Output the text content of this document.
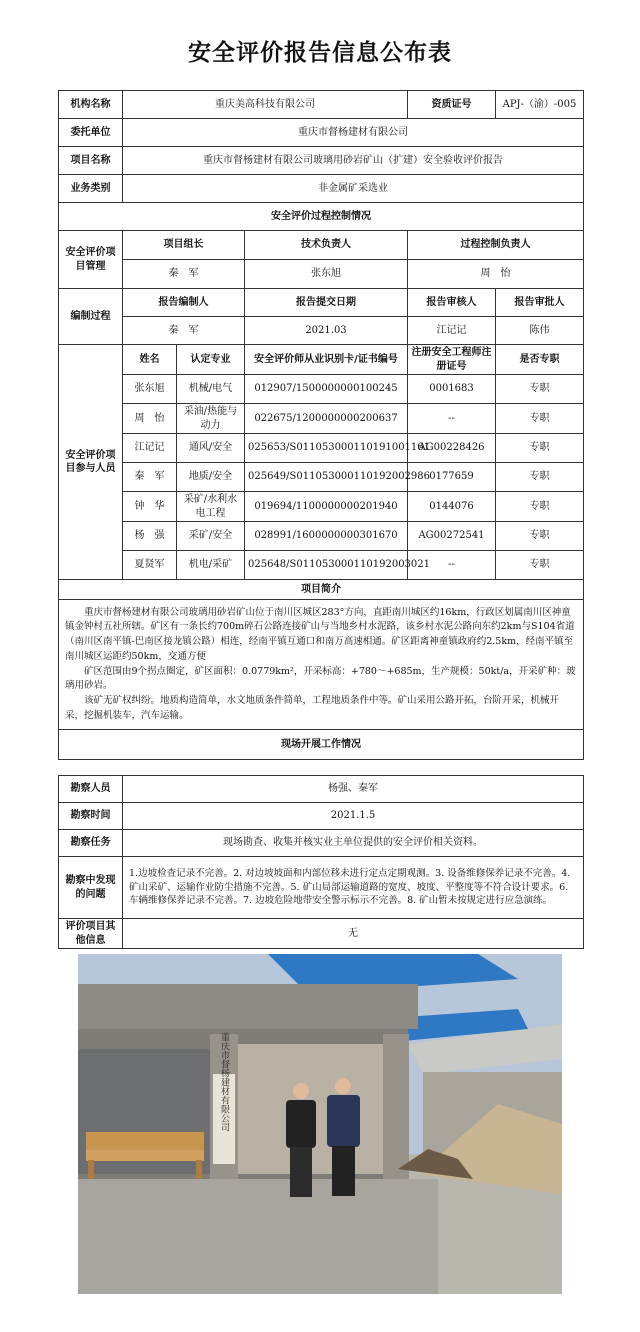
安全评价报告信息公布表
机构名称	重庆美高科技有限公司			资质证号	APJ-（渝）-005
委托单位	重庆市督杨建材有限公司				
项目名称	重庆市督杨建材有限公司玻璃用砂岩矿山（扩建）安全验收评价报告				
业务类别	非金属矿采选业				
安全评价过程控制情况					
安全评价项目管理	项目组长		技术负责人	过程控制负责人	
	秦　军		张东旭	周　怡	
编制过程	报告编制人		报告提交日期	报告审核人	报告审批人
	秦　军		2021.03	江记记	陈伟
安全评价项目参与人员	姓名	认定专业	安全评价师从业识别卡/证书编号	注册安全工程师注册证号	是否专职
	张东旭	机械/电气	012907/1500000000100245	0001683	专职
	周　怡	采油/热能与动力	022675/1200000000200637	--	专职
	江记记	通风/安全	025653/S011053000110191001161	AG00228426	专职
	秦　军	地质/安全	025649/S011053000110192002986	0177659	专职
	钟　华	采矿/水利水电工程	019694/1100000000201940	0144076	专职
	杨　强	采矿/安全	028991/1600000000301670	AG00272541	专职
	夏贤军	机电/采矿	025648/S011053000110192003021	--	专职
项目简介					

重庆市督杨建材有限公司玻璃用砂岩矿山位于南川区城区283°方向，直距南川城区约16km，行政区划属南川区神童镇金钟村五社所辖。矿区有一条长约700m碎石公路连接矿山与当地乡村水泥路，该乡村水泥公路向东约2km与S104省道（南川区南平镇-巴南区接龙镇公路）相连，经南平镇互通口和南万高速相通。矿区距离神童镇政府约2.5km，经南平镇至南川城区运距约50km，交通方便

矿区范围由9个拐点圈定，矿区面积：0.0779km²，开采标高：+780～+685m，生产规模：50kt/a，开采矿种：玻璃用砂岩。

该矿无矿权纠纷。地质构造简单，水文地质条件简单，工程地质条件中等。矿山采用公路开拓，台阶开采，机械开采，挖掘机装车，汽车运输。					

现场开展工作情况					
勘察人员	杨强、秦军
勘察时间	2021.1.5
勘察任务	现场勘查、收集并核实业主单位提供的安全评价相关资料。
勘察中发现的问题	1.边坡检查记录不完善。2. 对边坡坡面和内部位移未进行定点定期观测。3. 设备维修保养记录不完善。4. 矿山采矿、运输作业防尘措施不完善。5. 矿山局部运输道路的宽度、坡度、平整度等不符合设计要求。6. 车辆维修保养记录不完善。7. 边坡危险地带安全警示标示不完善。8. 矿山暂未按规定进行应急演练。
评价项目其他信息	无
重庆市督杨建材有限公司
